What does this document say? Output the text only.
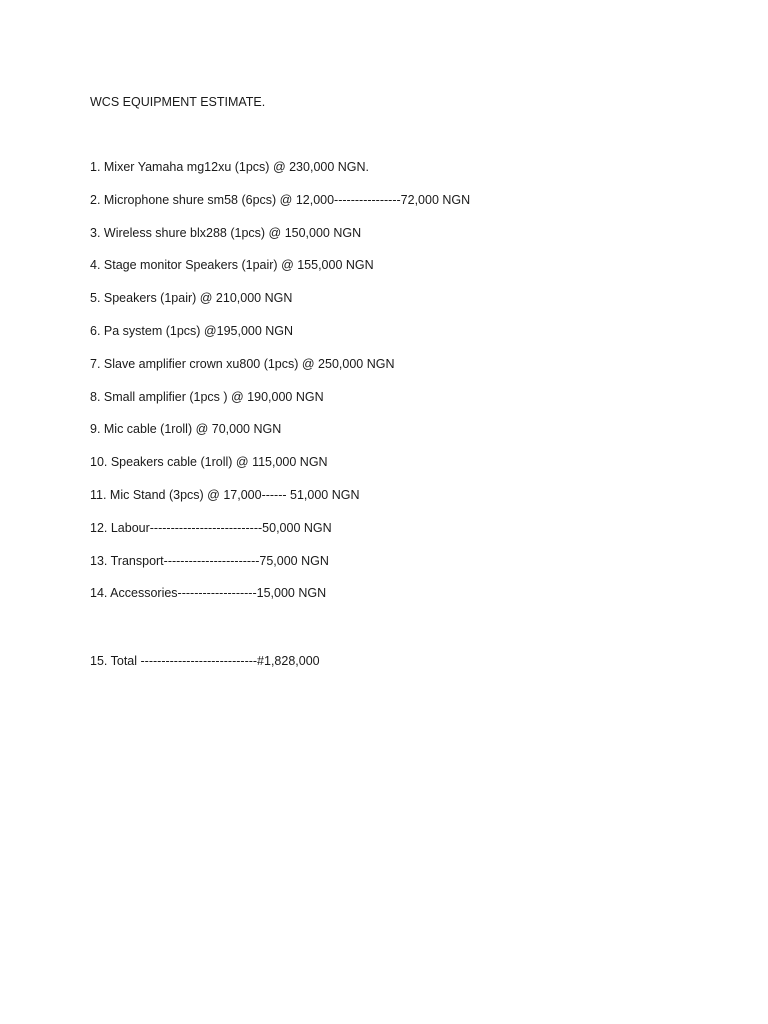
WCS EQUIPMENT ESTIMATE.
1. Mixer Yamaha mg12xu (1pcs) @ 230,000 NGN.
2. Microphone shure sm58 (6pcs) @ 12,000----------------72,000 NGN
3. Wireless shure blx288 (1pcs) @ 150,000 NGN
4. Stage monitor Speakers (1pair) @ 155,000 NGN
5. Speakers (1pair) @ 210,000 NGN
6. Pa system (1pcs) @195,000 NGN
7. Slave amplifier crown xu800 (1pcs) @ 250,000 NGN
8. Small amplifier (1pcs ) @ 190,000 NGN
9. Mic cable (1roll) @ 70,000 NGN
10. Speakers cable (1roll) @ 115,000 NGN
11. Mic Stand (3pcs) @ 17,000------ 51,000 NGN
12. Labour---------------------------50,000 NGN
13. Transport-----------------------75,000 NGN
14. Accessories-------------------15,000 NGN
15. Total ----------------------------#1,828,000
